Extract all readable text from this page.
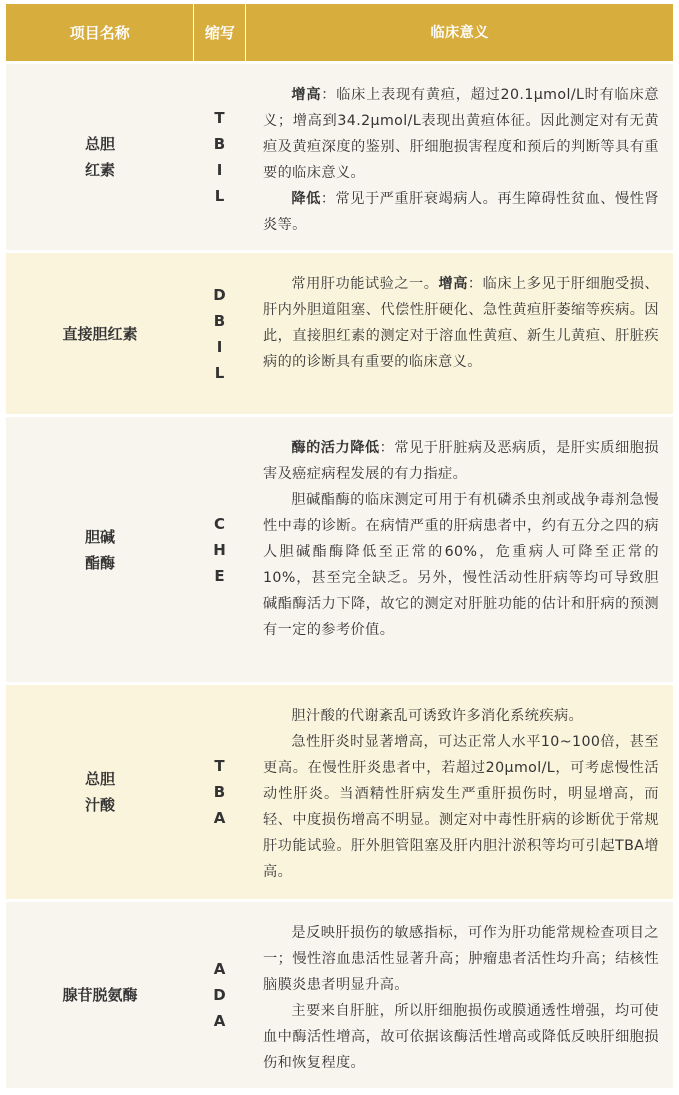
项目名称	缩写	临床意义
总胆
红素
T
B
I
L

增高：临床上表现有黄疸，超过20.1μmol/L时有临床意义；增高到34.2μmol/L表现出黄疸体征。因此测定对有无黄疸及黄疸深度的鉴别、肝细胞损害程度和预后的判断等具有重要的临床意义。

降低：常见于严重肝衰竭病人。再生障碍性贫血、慢性肾炎等。

直接胆红素
D
B
I
L

常用肝功能试验之一。增高：临床上多见于肝细胞受损、肝内外胆道阻塞、代偿性肝硬化、急性黄疸肝萎缩等疾病。因此，直接胆红素的测定对于溶血性黄疸、新生儿黄疸、肝脏疾病的的诊断具有重要的临床意义。

胆碱
酯酶
C
H
E

酶的活力降低：常见于肝脏病及恶病质，是肝实质细胞损害及癌症病程发展的有力指症。

胆碱酯酶的临床测定可用于有机磷杀虫剂或战争毒剂急慢性中毒的诊断。在病情严重的肝病患者中，约有五分之四的病人胆碱酯酶降低至正常的60%，危重病人可降至正常的10%，甚至完全缺乏。另外，慢性活动性肝病等均可导致胆碱酯酶活力下降，故它的测定对肝脏功能的估计和肝病的预测有一定的参考价值。

总胆
汁酸
T
B
A

胆汁酸的代谢紊乱可诱致许多消化系统疾病。

急性肝炎时显著增高，可达正常人水平10~100倍，甚至更高。在慢性肝炎患者中，若超过20μmol/L，可考虑慢性活动性肝炎。当酒精性肝病发生严重肝损伤时，明显增高，而轻、中度损伤增高不明显。测定对中毒性肝病的诊断优于常规肝功能试验。肝外胆管阻塞及肝内胆汁淤积等均可引起TBA增高。

腺苷脱氨酶
A
D
A

是反映肝损伤的敏感指标，可作为肝功能常规检查项目之一；慢性溶血患活性显著升高；肿瘤患者活性均升高；结核性脑膜炎患者明显升高。

主要来自肝脏，所以肝细胞损伤或膜通透性增强，均可使血中酶活性增高，故可依据该酶活性增高或降低反映肝细胞损伤和恢复程度。
